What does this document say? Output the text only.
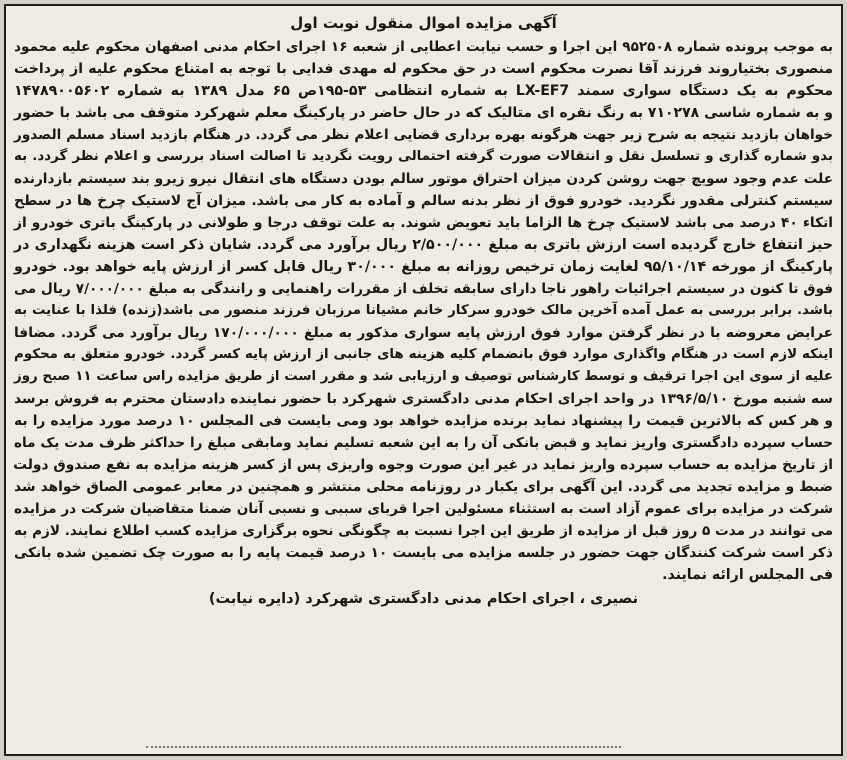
آگهی مزایده اموال منقول نوبت اول
به موجب پرونده شماره ۹۵۲۵۰۸ این اجرا و حسب نیابت اعطایی از شعبه ۱۶ اجرای احکام مدنی اصفهان محکوم علیه محمود
منصوری بختیاروند فرزند آقا نصرت محکوم است در حق محکوم له مهدی فدایی با توجه به امتناع محکوم علیه از پرداخت
محکوم به یک دستگاه سواری سمند LX-EF7 به شماره انتظامی ۵۳-۱۹۵ص ۶۵ مدل ۱۳۸۹ به شماره ۱۴۷۸۹۰۰۵۶۰۲
و به شماره شاسی ۷۱۰۲۷۸ به رنگ نقره ای متالیک که در حال حاضر در پارکینگ معلم شهرکرد متوقف می باشد با حضور
خواهان بازدید نتیجه به شرح زیر جهت هرگونه بهره برداری قضایی اعلام نظر می گردد. در هنگام بازدید اسناد مسلم الصدور
بدو شماره گذاری و تسلسل نقل و انتقالات صورت گرفته احتمالی رویت نگردید تا اصالت اسناد بررسی و اعلام نظر گردد. به
علت عدم وجود سویچ جهت روشن کردن میزان احتراق موتور سالم بودن دستگاه های انتقال نیرو زیرو بند سیستم بازدارنده
سیستم کنترلی مقدور نگردید. خودرو فوق از نظر بدنه سالم و آماده به کار می باشد. میزان آج لاستیک چرخ ها در سطح
اتکاء ۴۰ درصد می باشد لاستیک چرخ ها الزاما باید تعویض شوند. به علت توقف درجا و طولانی در پارکینگ باتری خودرو از
حیز انتفاع خارج گردیده است ارزش باتری به مبلغ ۲/۵۰۰/۰۰۰ ریال برآورد می گردد. شایان ذکر است هزینه نگهداری در
پارکینگ از مورخه ۹۵/۱۰/۱۴ لغایت زمان ترخیص روزانه به مبلغ ۳۰/۰۰۰ ریال قابل کسر از ارزش پایه خواهد بود. خودرو
فوق تا کنون در سیستم اجرائیات راهور ناجا دارای سابقه تخلف از مقررات راهنمایی و رانندگی به مبلغ ۷/۰۰۰/۰۰۰ ریال می
باشد. برابر بررسی به عمل آمده آخرین مالک خودرو سرکار خانم مشیانا مرزبان فرزند منصور می باشد(زنده) فلذا با عنایت به
عرایض معروضه با در نظر گرفتن موارد فوق ارزش پایه سواری مذکور به مبلغ ۱۷۰/۰۰۰/۰۰۰ ریال برآورد می گردد. مضافا
اینکه لازم است در هنگام واگذاری موارد فوق بانضمام کلیه هزینه های جانبی از ارزش پایه کسر گردد. خودرو متعلق به محکوم
علیه از سوی این اجرا ترقیف و توسط کارشناس توصیف و ارزیابی شد و مقرر است از طریق مزایده راس ساعت ۱۱ صبح روز
سه شنبه مورخ ۱۳۹۶/۵/۱۰ در واحد اجرای احکام مدنی دادگستری شهرکرد با حضور نماینده دادستان محترم به فروش برسد
و هر کس که بالاترین قیمت را پیشنهاد نماید برنده مزایده خواهد بود ومی بایست فی المجلس ۱۰ درصد مورد مزایده را به
حساب سپرده دادگستری واریز نماید و قبض بانکی آن را به این شعبه تسلیم نماید ومابقی مبلغ را حداکثر ظرف مدت یک ماه
از تاریخ مزایده به حساب سپرده واریز نماید در غیر این صورت وجوه واریزی پس از کسر هزینه مزایده به نفع صندوق دولت
ضبط و مزایده تجدید می گردد. این آگهی برای یکبار در روزنامه محلی منتشر و همچنین در معابر عمومی الصاق خواهد شد
شرکت در مزایده برای عموم آزاد است به استثناء مسئولین اجرا قربای سببی و نسبی آنان ضمنا متقاضیان شرکت در مزایده
می توانند در مدت ۵ روز قبل از مزایده از طریق این اجرا نسبت به چگونگی نحوه برگزاری مزایده کسب اطلاع نمایند. لازم به
ذکر است شرکت کنندگان جهت حضور در جلسه مزایده می بایست ۱۰ درصد قیمت پایه را به صورت چک تضمین شده بانکی
فی المجلس ارائه نمایند.
نصیری ، اجرای احکام مدنی دادگستری شهرکرد (دایره نیابت)
